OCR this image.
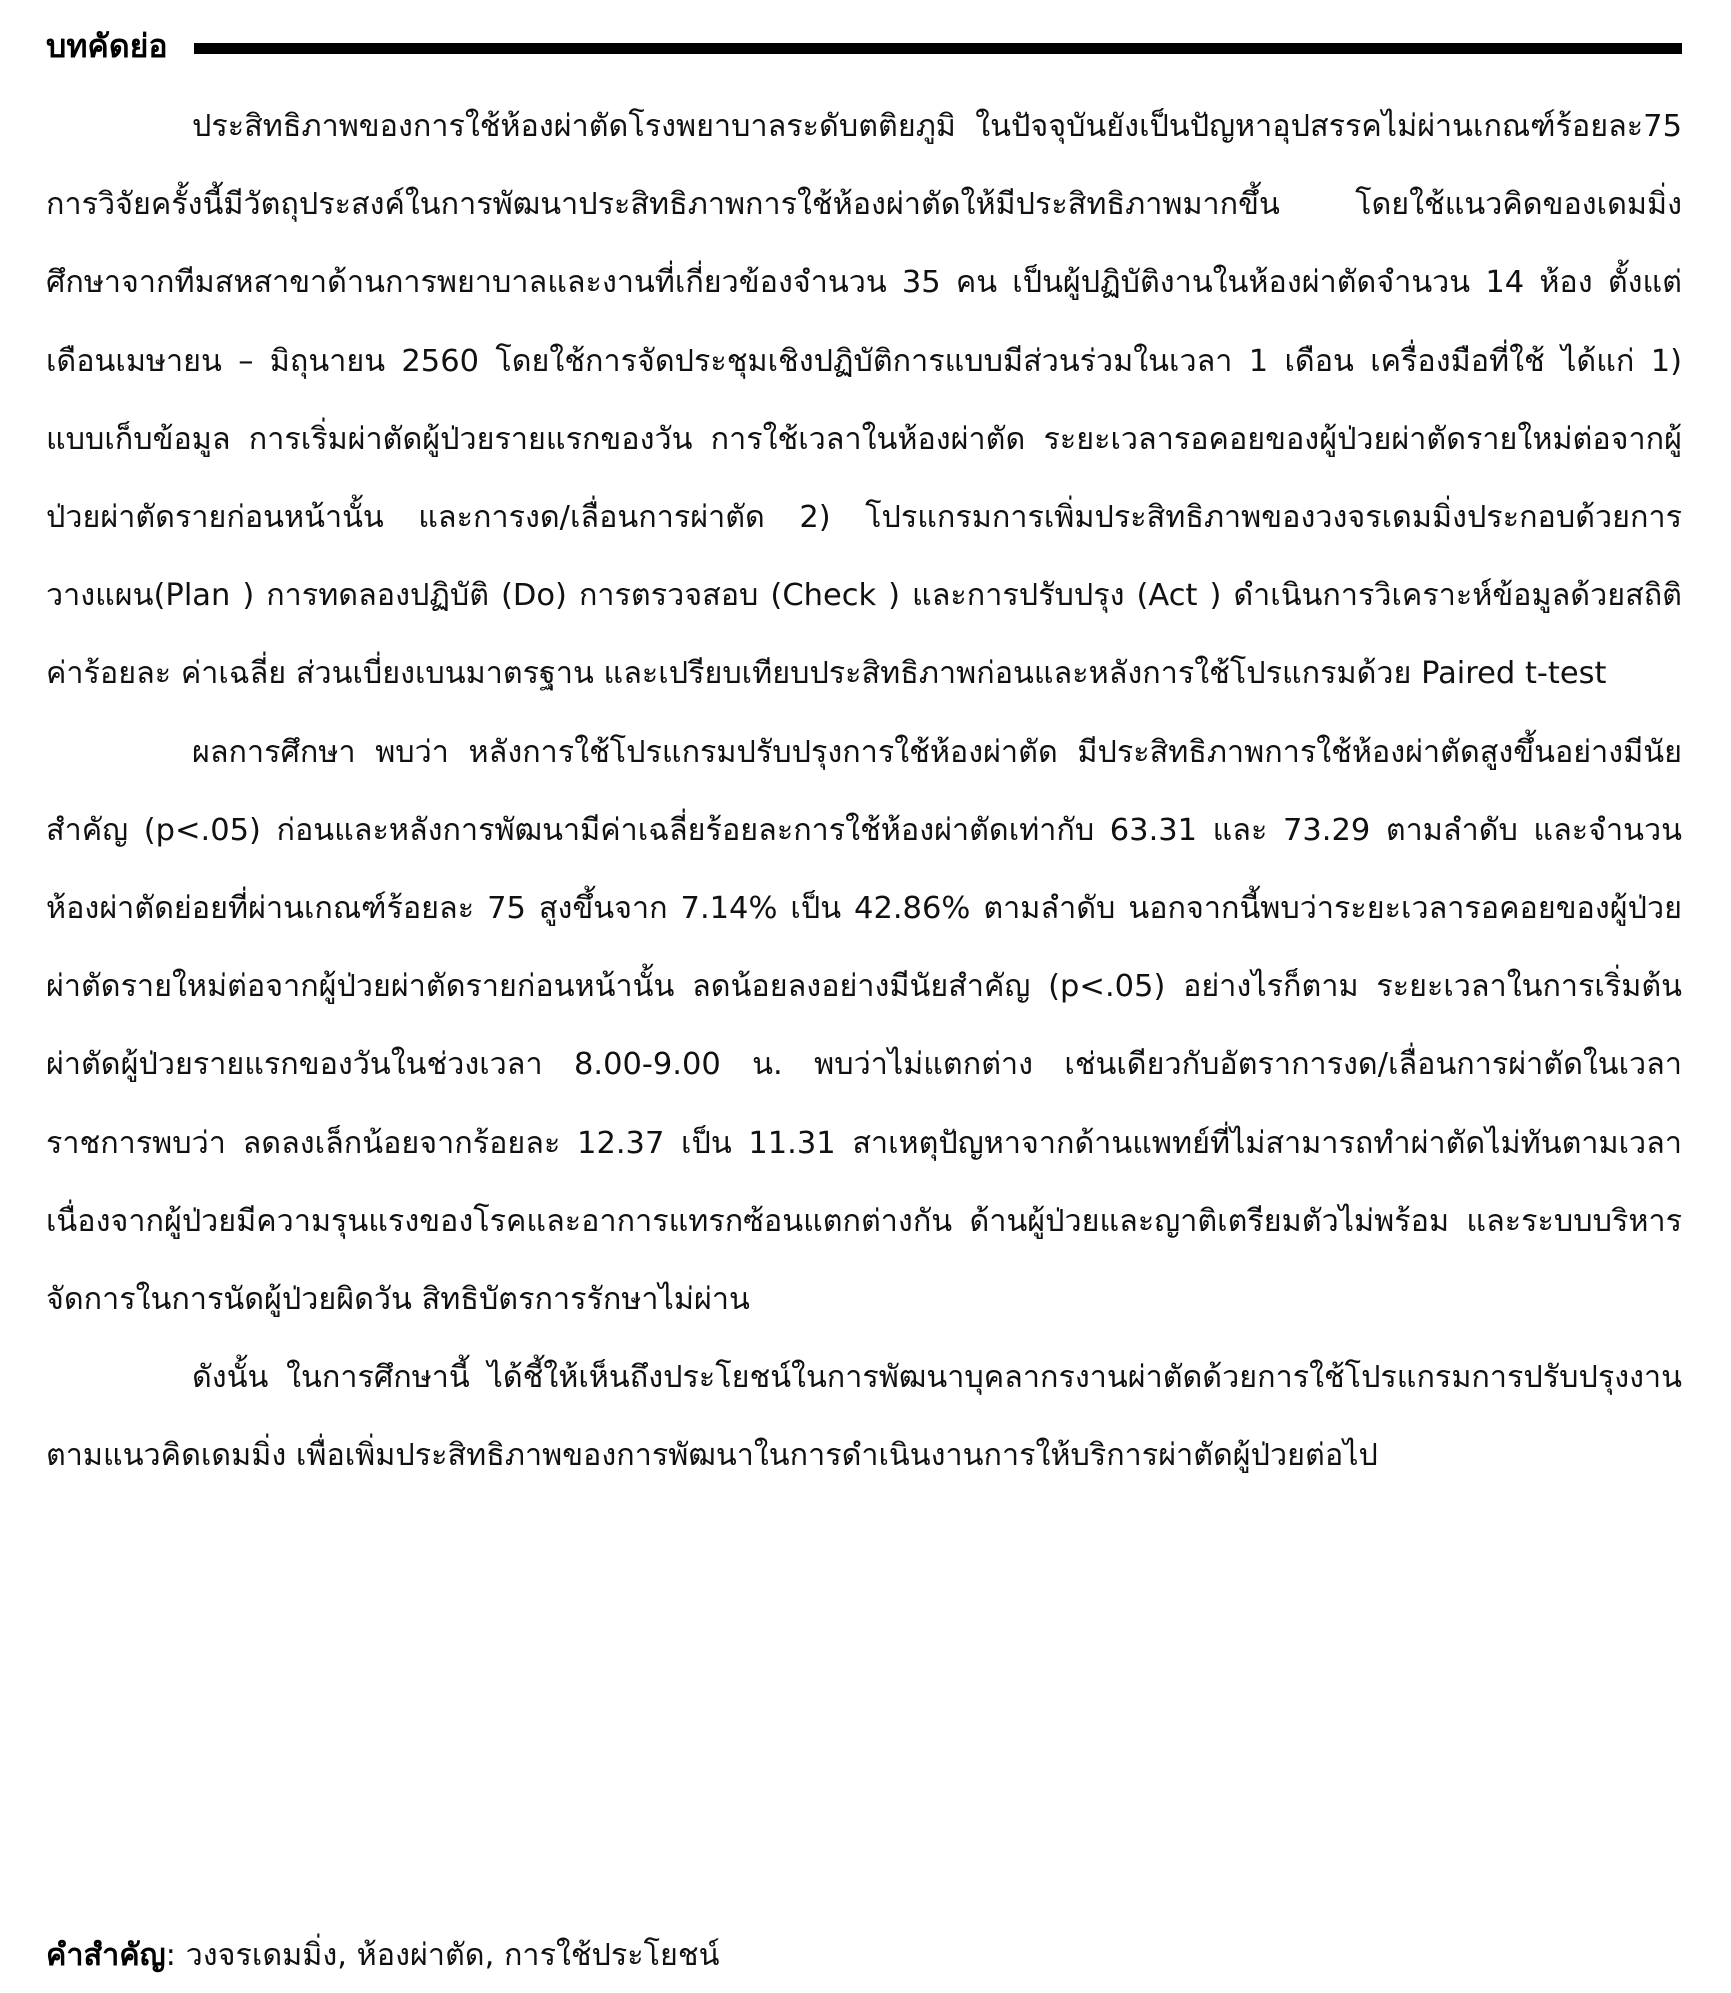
บทคัดย่อ

ประสิทธิภาพของการใช้ห้องผ่าตัดโรงพยาบาลระดับตติยภูมิ ในปัจจุบันยังเป็นปัญหาอุปสรรคไม่ผ่านเกณฑ์ร้อยละ75 การวิจัยครั้งนี้มีวัตถุประสงค์ในการพัฒนาประสิทธิภาพการใช้ห้องผ่าตัดให้มีประสิทธิภาพมากขึ้น โดยใช้แนวคิดของเดมมิ่ง ศึกษาจากทีมสหสาขาด้านการพยาบาลและงานที่เกี่ยวข้องจำนวน 35 คน เป็นผู้ปฏิบัติงานในห้องผ่าตัดจำนวน 14 ห้อง ตั้งแต่เดือนเมษายน – มิถุนายน 2560 โดยใช้การจัดประชุมเชิงปฏิบัติการแบบมีส่วนร่วมในเวลา 1 เดือน เครื่องมือที่ใช้ ได้แก่ 1) แบบเก็บข้อมูล การเริ่มผ่าตัดผู้ป่วยรายแรกของวัน การใช้เวลาในห้องผ่าตัด ระยะเวลารอคอยของผู้ป่วยผ่าตัดรายใหม่ต่อจากผู้ป่วยผ่าตัดรายก่อนหน้านั้น และการงด/เลื่อนการผ่าตัด 2) โปรแกรมการเพิ่มประสิทธิภาพของวงจรเดมมิ่งประกอบด้วยการวางแผน(Plan ) การทดลองปฏิบัติ (Do) การตรวจสอบ (Check ) และการปรับปรุง (Act ) ดำเนินการวิเคราะห์ข้อมูลด้วยสถิติ ค่าร้อยละ ค่าเฉลี่ย ส่วนเบี่ยงเบนมาตรฐาน และเปรียบเทียบประสิทธิภาพก่อนและหลังการใช้โปรแกรมด้วย Paired t-test

ผลการศึกษา พบว่า หลังการใช้โปรแกรมปรับปรุงการใช้ห้องผ่าตัด มีประสิทธิภาพการใช้ห้องผ่าตัดสูงขึ้นอย่างมีนัยสำคัญ (p<.05) ก่อนและหลังการพัฒนามีค่าเฉลี่ยร้อยละการใช้ห้องผ่าตัดเท่ากับ 63.31 และ 73.29 ตามลำดับ และจำนวนห้องผ่าตัดย่อยที่ผ่านเกณฑ์ร้อยละ 75 สูงขึ้นจาก 7.14% เป็น 42.86% ตามลำดับ นอกจากนี้พบว่าระยะเวลารอคอยของผู้ป่วยผ่าตัดรายใหม่ต่อจากผู้ป่วยผ่าตัดรายก่อนหน้านั้น ลดน้อยลงอย่างมีนัยสำคัญ (p<.05) อย่างไรก็ตาม ระยะเวลาในการเริ่มต้นผ่าตัดผู้ป่วยรายแรกของวันในช่วงเวลา 8.00-9.00 น. พบว่าไม่แตกต่าง เช่นเดียวกับอัตราการงด/เลื่อนการผ่าตัดในเวลาราชการพบว่า ลดลงเล็กน้อยจากร้อยละ 12.37 เป็น 11.31 สาเหตุปัญหาจากด้านแพทย์ที่ไม่สามารถทำผ่าตัดไม่ทันตามเวลา เนื่องจากผู้ป่วยมีความรุนแรงของโรคและอาการแทรกซ้อนแตกต่างกัน ด้านผู้ป่วยและญาติเตรียมตัวไม่พร้อม และระบบบริหารจัดการในการนัดผู้ป่วยผิดวัน สิทธิบัตรการรักษาไม่ผ่าน

ดังนั้น ในการศึกษานี้ ได้ชี้ให้เห็นถึงประโยชน์ในการพัฒนาบุคลากรงานผ่าตัดด้วยการใช้โปรแกรมการปรับปรุงงานตามแนวคิดเดมมิ่ง เพื่อเพิ่มประสิทธิภาพของการพัฒนาในการดำเนินงานการให้บริการผ่าตัดผู้ป่วยต่อไป

คำสำคัญ: วงจรเดมมิ่ง, ห้องผ่าตัด, การใช้ประโยชน์
